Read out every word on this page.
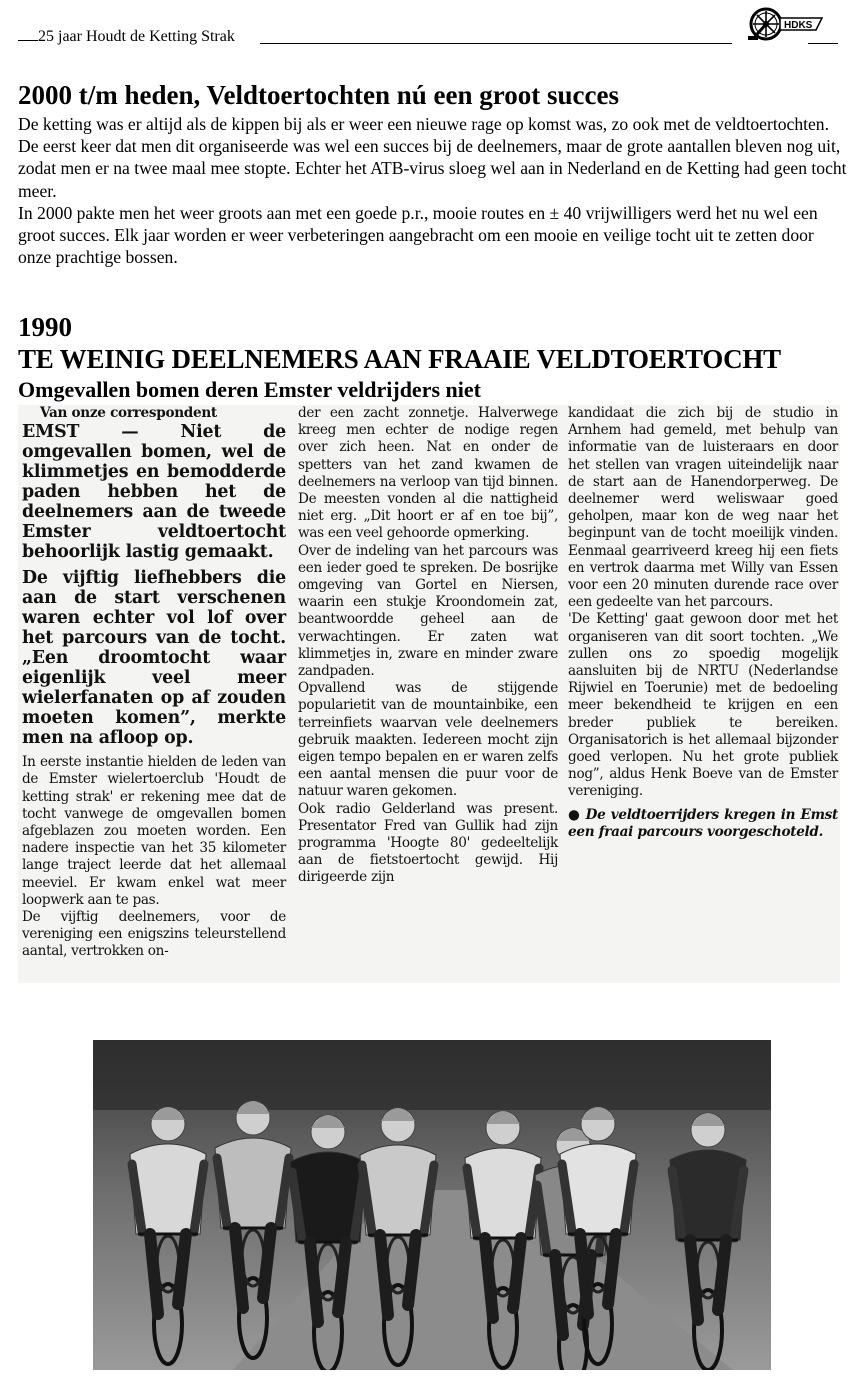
25 jaar Houdt de Ketting Strak
HDKS
2000 t/m heden, Veldtoertochten nú een groot succes

De ketting was er altijd als de kippen bij als er weer een nieuwe rage op komst was, zo ook met de veldtoertochten. De eerst keer dat men dit organiseerde was wel een succes bij de deelnemers, maar de grote aantallen bleven nog uit, zodat men er na twee maal mee stopte. Echter het ATB-virus sloeg wel aan in Nederland en de Ketting had geen tocht meer.

In 2000 pakte men het weer groots aan met een goede p.r., mooie routes en ± 40 vrijwilligers werd het nu wel een groot succes. Elk jaar worden er weer verbeteringen aangebracht om een mooie en veilige tocht uit te zetten door onze prachtige bossen.

1990
TE WEINIG DEELNEMERS AAN FRAAIE VELDTOERTOCHT
Omgevallen bomen deren Emster veldrijders niet

Van onze correspondent

EMST — Niet de omgevallen bomen, wel de klimmetjes en bemodderde paden hebben het de deelnemers aan de tweede Emster veldtoertocht behoorlijk lastig gemaakt.

De vijftig liefhebbers die aan de start verschenen waren echter vol lof over het parcours van de tocht. „Een droomtocht waar eigenlijk veel meer wielerfanaten op af zouden moeten komen”, merkte men na afloop op.

In eerste instantie hielden de leden van de Emster wielertoerclub 'Houdt de ketting strak' er rekening mee dat de tocht vanwege de omgevallen bomen afgeblazen zou moeten worden. Een nadere inspectie van het 35 kilometer lange traject leerde dat het allemaal meeviel. Er kwam enkel wat meer loopwerk aan te pas.

De vijftig deelnemers, voor de vereniging een enigszins teleurstellend aantal, vertrokken on-

der een zacht zonnetje. Halverwege kreeg men echter de nodige regen over zich heen. Nat en onder de spetters van het zand kwamen de deelnemers na verloop van tijd binnen. De meesten vonden al die nattigheid niet erg. „Dit hoort er af en toe bij”, was een veel gehoorde opmerking.

Over de indeling van het parcours was een ieder goed te spreken. De bosrijke omgeving van Gortel en Niersen, waarin een stukje Kroondomein zat, beantwoordde geheel aan de verwachtingen. Er zaten wat klimmetjes in, zware en minder zware zandpaden.

Opvallend was de stijgende popularietit van de mountainbike, een terreinfiets waarvan vele deelnemers gebruik maakten. Iedereen mocht zijn eigen tempo bepalen en er waren zelfs een aantal mensen die puur voor de natuur waren gekomen.

Ook radio Gelderland was present. Presentator Fred van Gullik had zijn programma 'Hoogte 80' gedeeltelijk aan de fietstoertocht gewijd. Hij dirigeerde zijn

kandidaat die zich bij de studio in Arnhem had gemeld, met behulp van informatie van de luisteraars en door het stellen van vragen uiteindelijk naar de start aan de Hanendorperweg. De deelnemer werd weliswaar goed geholpen, maar kon de weg naar het beginpunt van de tocht moeilijk vinden. Eenmaal gearriveerd kreeg hij een fiets en vertrok daarma met Willy van Essen voor een 20 minuten durende race over een gedeelte van het parcours.

'De Ketting' gaat gewoon door met het organiseren van dit soort tochten. „We zullen ons zo spoedig mogelijk aansluiten bij de NRTU (Nederlandse Rijwiel en Toerunie) met de bedoeling meer bekendheid te krijgen en een breder publiek te bereiken. Organisatorich is het allemaal bijzonder goed verlopen. Nu het grote publiek nog”, aldus Henk Boeve van de Emster vereniging.

● De veldtoerrijders kregen in Emst een fraai parcours voorgeschoteld.
